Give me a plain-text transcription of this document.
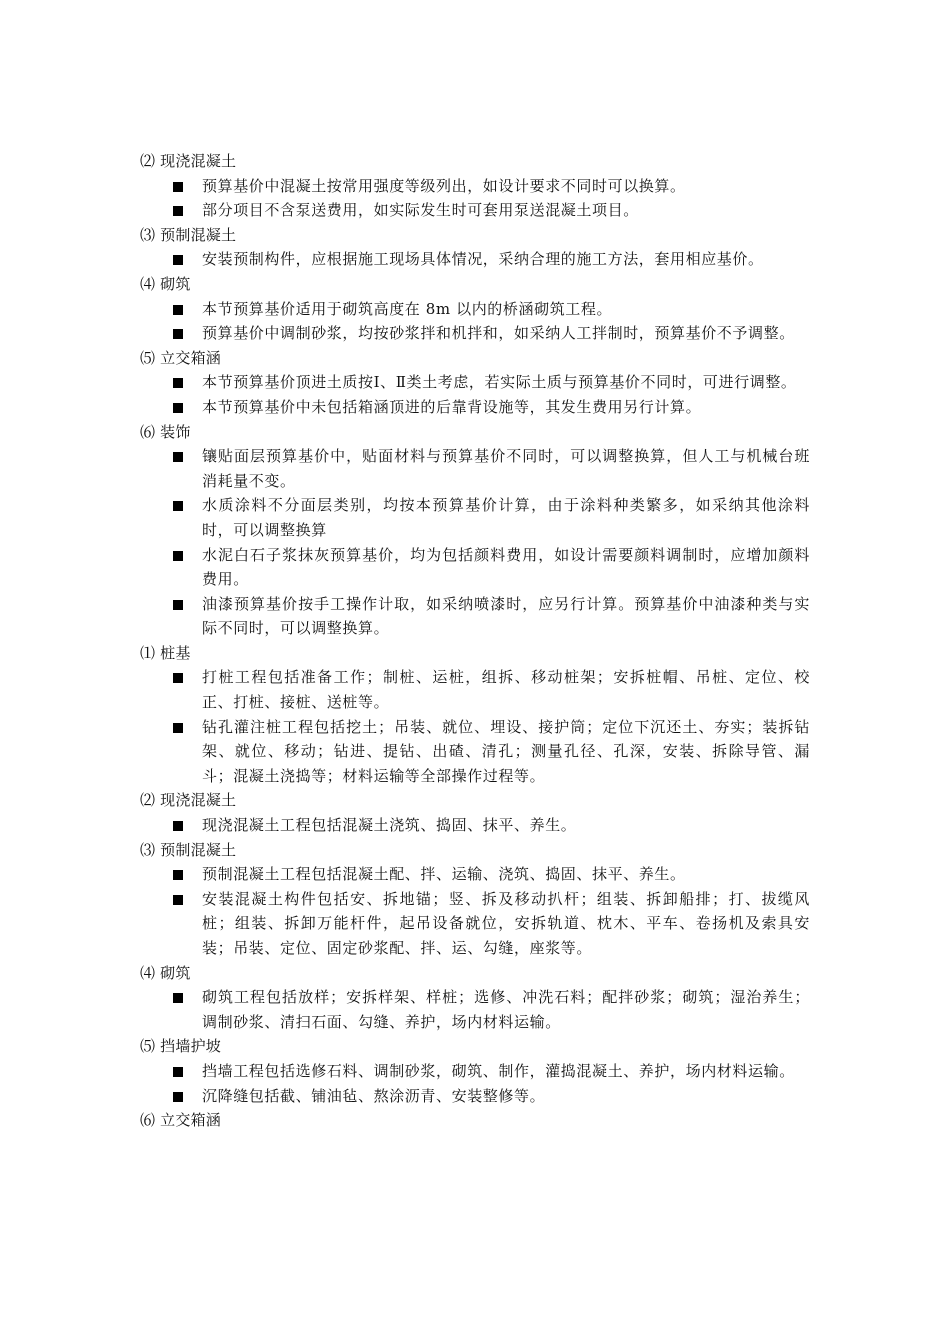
⑵ 现浇混凝土
预算基价中混凝土按常用强度等级列出，如设计要求不同时可以换算。
部分项目不含泵送费用，如实际发生时可套用泵送混凝土项目。
⑶ 预制混凝土
安装预制构件，应根据施工现场具体情况，采纳合理的施工方法，套用相应基价。
⑷ 砌筑
本节预算基价适用于砌筑高度在 8m 以内的桥涵砌筑工程。
预算基价中调制砂浆，均按砂浆拌和机拌和，如采纳人工拌制时，预算基价不予调整。
⑸ 立交箱涵
本节预算基价顶进土质按Ⅰ、Ⅱ类土考虑，若实际土质与预算基价不同时，可进行调整。
本节预算基价中未包括箱涵顶进的后靠背设施等，其发生费用另行计算。
⑹ 装饰
镶贴面层预算基价中，贴面材料与预算基价不同时，可以调整换算，但人工与机械台班消耗量不变。
水质涂料不分面层类别，均按本预算基价计算，由于涂料种类繁多，如采纳其他涂料时，可以调整换算
水泥白石子浆抹灰预算基价，均为包括颜料费用，如设计需要颜料调制时，应增加颜料费用。
油漆预算基价按手工操作计取，如采纳喷漆时，应另行计算。预算基价中油漆种类与实际不同时，可以调整换算。
⑴ 桩基
打桩工程包括准备工作；制桩、运桩，组拆、移动桩架；安拆桩帽、吊桩、定位、校正、打桩、接桩、送桩等。
钻孔灌注桩工程包括挖土；吊装、就位、埋设、接护筒；定位下沉还土、夯实；装拆钻架、就位、移动；钻进、提钻、出碴、清孔；测量孔径、孔深，安装、拆除导管、漏斗；混凝土浇捣等；材料运输等全部操作过程等。
⑵ 现浇混凝土
现浇混凝土工程包括混凝土浇筑、捣固、抹平、养生。
⑶ 预制混凝土
预制混凝土工程包括混凝土配、拌、运输、浇筑、捣固、抹平、养生。
安装混凝土构件包括安、拆地锚；竖、拆及移动扒杆；组装、拆卸船排；打、拔缆风桩；组装、拆卸万能杆件，起吊设备就位，安拆轨道、枕木、平车、卷扬机及索具安装；吊装、定位、固定砂浆配、拌、运、勾缝，座浆等。
⑷ 砌筑
砌筑工程包括放样；安拆样架、样桩；选修、冲洗石料；配拌砂浆；砌筑；湿治养生；调制砂浆、清扫石面、勾缝、养护，场内材料运输。
⑸ 挡墙护坡
挡墙工程包括选修石料、调制砂浆，砌筑、制作，灌捣混凝土、养护，场内材料运输。
沉降缝包括截、铺油毡、熬涂沥青、安装整修等。
⑹ 立交箱涵
